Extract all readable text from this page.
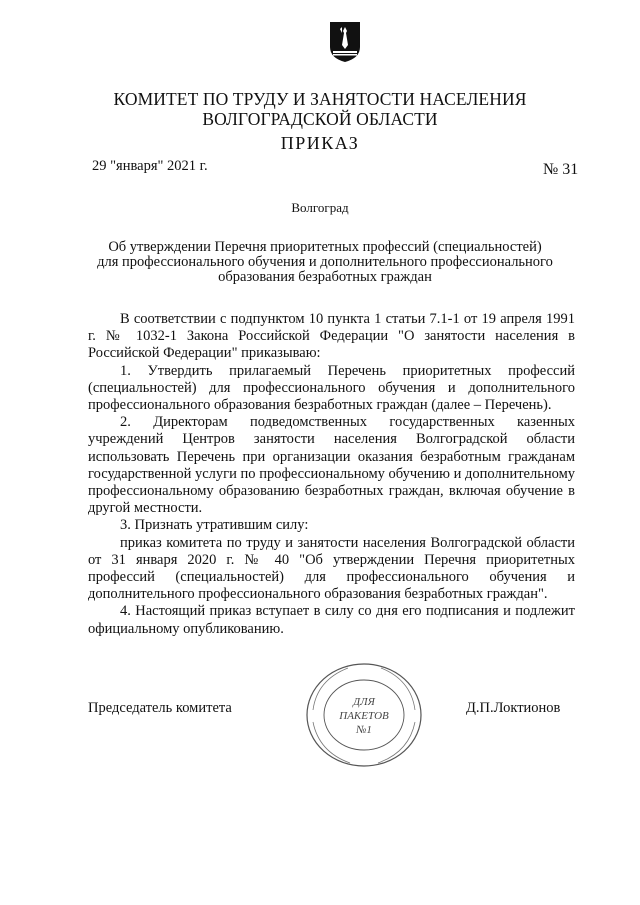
КОМИТЕТ ПО ТРУДУ И ЗАНЯТОСТИ НАСЕЛЕНИЯ
ВОЛГОГРАДСКОЙ ОБЛАСТИ
ПРИКАЗ
29 "января" 2021 г.	№ 31
Волгоград
Об утверждении Перечня приоритетных профессий (специальностей)
для профессионального обучения и дополнительного профессионального
образования безработных граждан

В соответствии с подпунктом 10 пункта 1 статьи 7.1-1 от 19 апреля 1991 г. № 1032-1 Закона Российской Федерации "О занятости населения в Российской Федерации" приказываю:

1. Утвердить прилагаемый Перечень приоритетных профессий (специальностей) для профессионального обучения и дополнительного профессионального образования безработных граждан (далее – Перечень).

2. Директорам подведомственных государственных казенных учреждений Центров занятости населения Волгоградской области использовать Перечень при организации оказания безработным гражданам государственной услуги по профессиональному обучению и дополнительному профессиональному образованию безработных граждан, включая обучение в другой местности.

3. Признать утратившим силу:

приказ комитета по труду и занятости населения Волгоградской области от 31 января 2020 г. № 40 "Об утверждении Перечня приоритетных профессий (специальностей) для профессионального обучения и дополнительного профессионального образования безработных граждан".

4. Настоящий приказ вступает в силу со дня его подписания и подлежит официальному опубликованию.

Председатель комитета	Д.П.Локтионов
ДЛЯ
ПАКЕТОВ
№1
